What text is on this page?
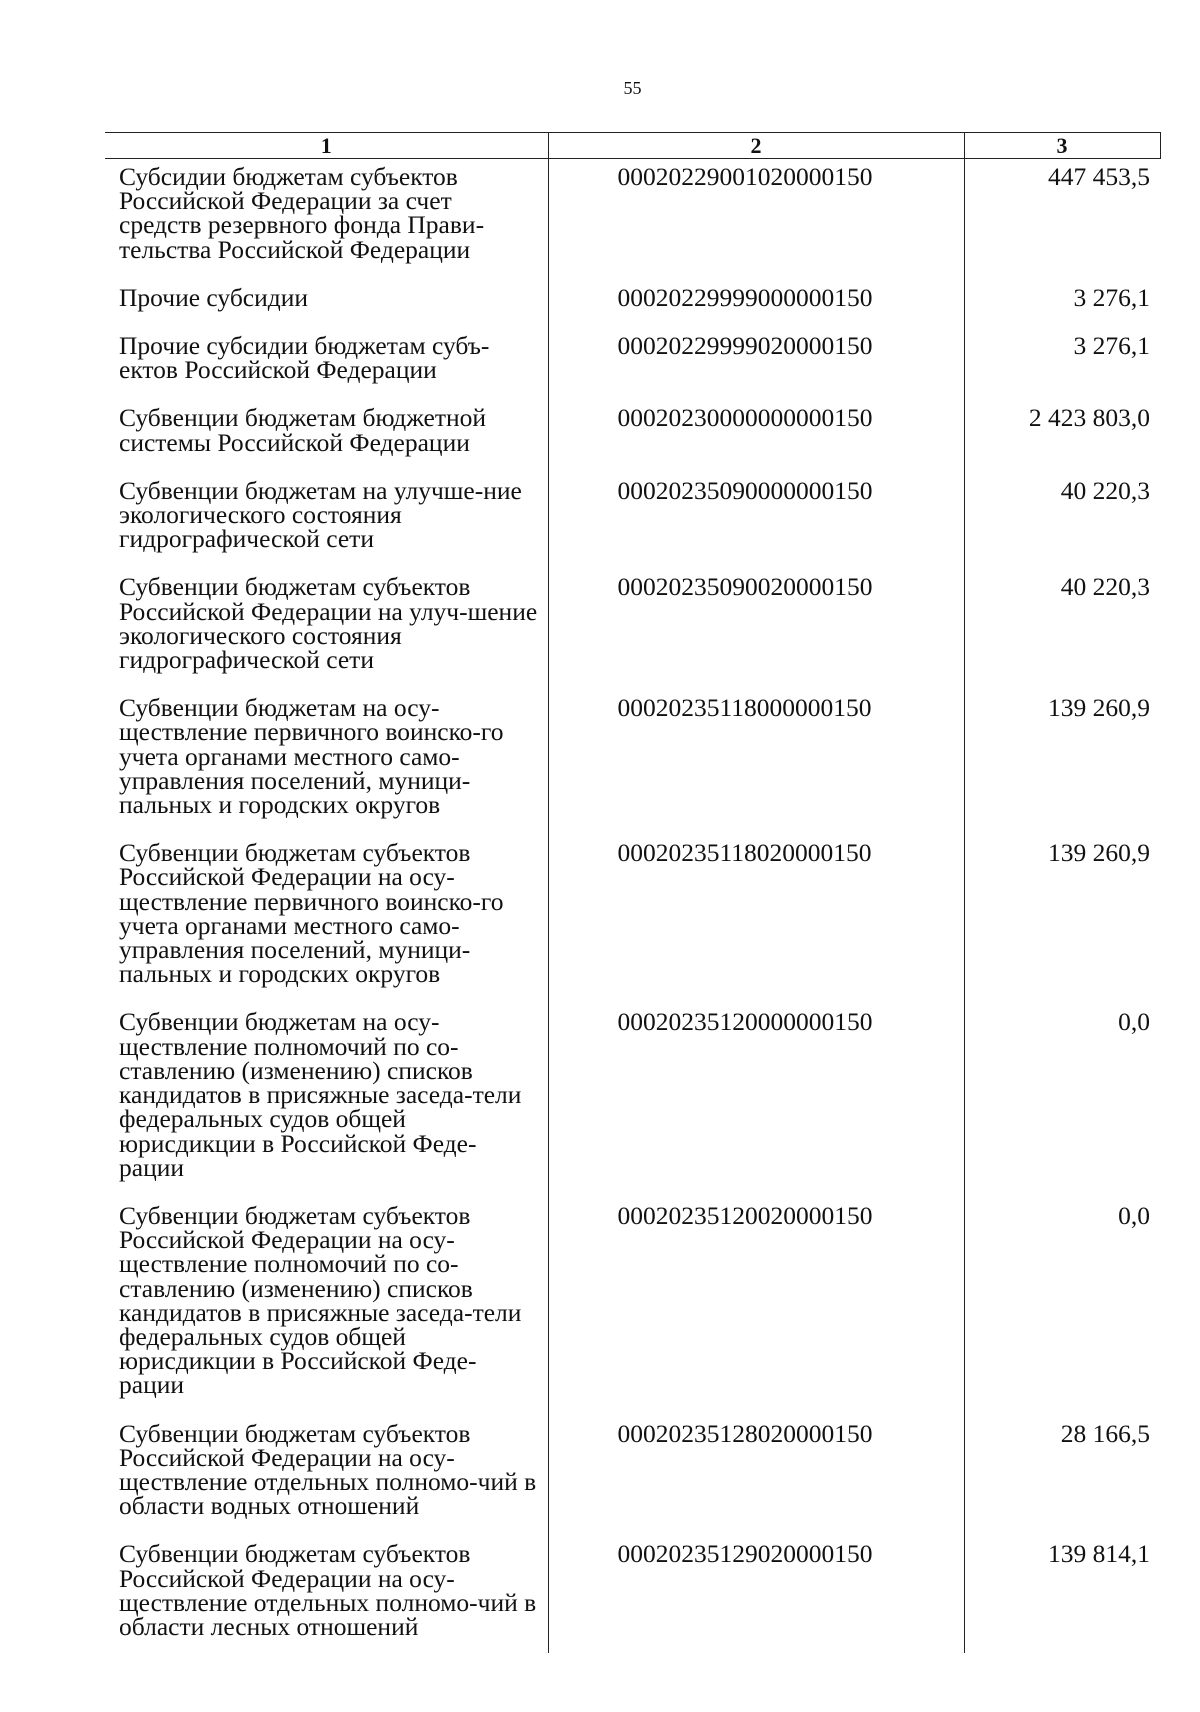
55
1	2	3
Субсидии бюджетам субъектов Российской Федерации за счет средств резервного фонда Прави-тельства Российской Федерации	00020229001020000150	447 453,5
Прочие субсидии	00020229999000000150	3 276,1
Прочие субсидии бюджетам субъ-ектов Российской Федерации	00020229999020000150	3 276,1
Субвенции бюджетам бюджетной системы Российской Федерации	00020230000000000150	2 423 803,0
Субвенции бюджетам на улучше-ние экологического состояния гидрографической сети	00020235090000000150	40 220,3
Субвенции бюджетам субъектов Российской Федерации на улуч-шение экологического состояния гидрографической сети	00020235090020000150	40 220,3
Субвенции бюджетам на осу-ществление первичного воинско-го учета органами местного само-управления поселений, муници-пальных и городских округов	00020235118000000150	139 260,9
Субвенции бюджетам субъектов Российской Федерации на осу-ществление первичного воинско-го учета органами местного само-управления поселений, муници-пальных и городских округов	00020235118020000150	139 260,9
Субвенции бюджетам на осу-ществление полномочий по со-ставлению (изменению) списков кандидатов в присяжные заседа-тели федеральных судов общей юрисдикции в Российской Феде-рации	00020235120000000150	0,0
Субвенции бюджетам субъектов Российской Федерации на осу-ществление полномочий по со-ставлению (изменению) списков кандидатов в присяжные заседа-тели федеральных судов общей юрисдикции в Российской Феде-рации	00020235120020000150	0,0
Субвенции бюджетам субъектов Российской Федерации на осу-ществление отдельных полномо-чий в области водных отношений	00020235128020000150	28 166,5
Субвенции бюджетам субъектов Российской Федерации на осу-ществление отдельных полномо-чий в области лесных отношений	00020235129020000150	139 814,1
